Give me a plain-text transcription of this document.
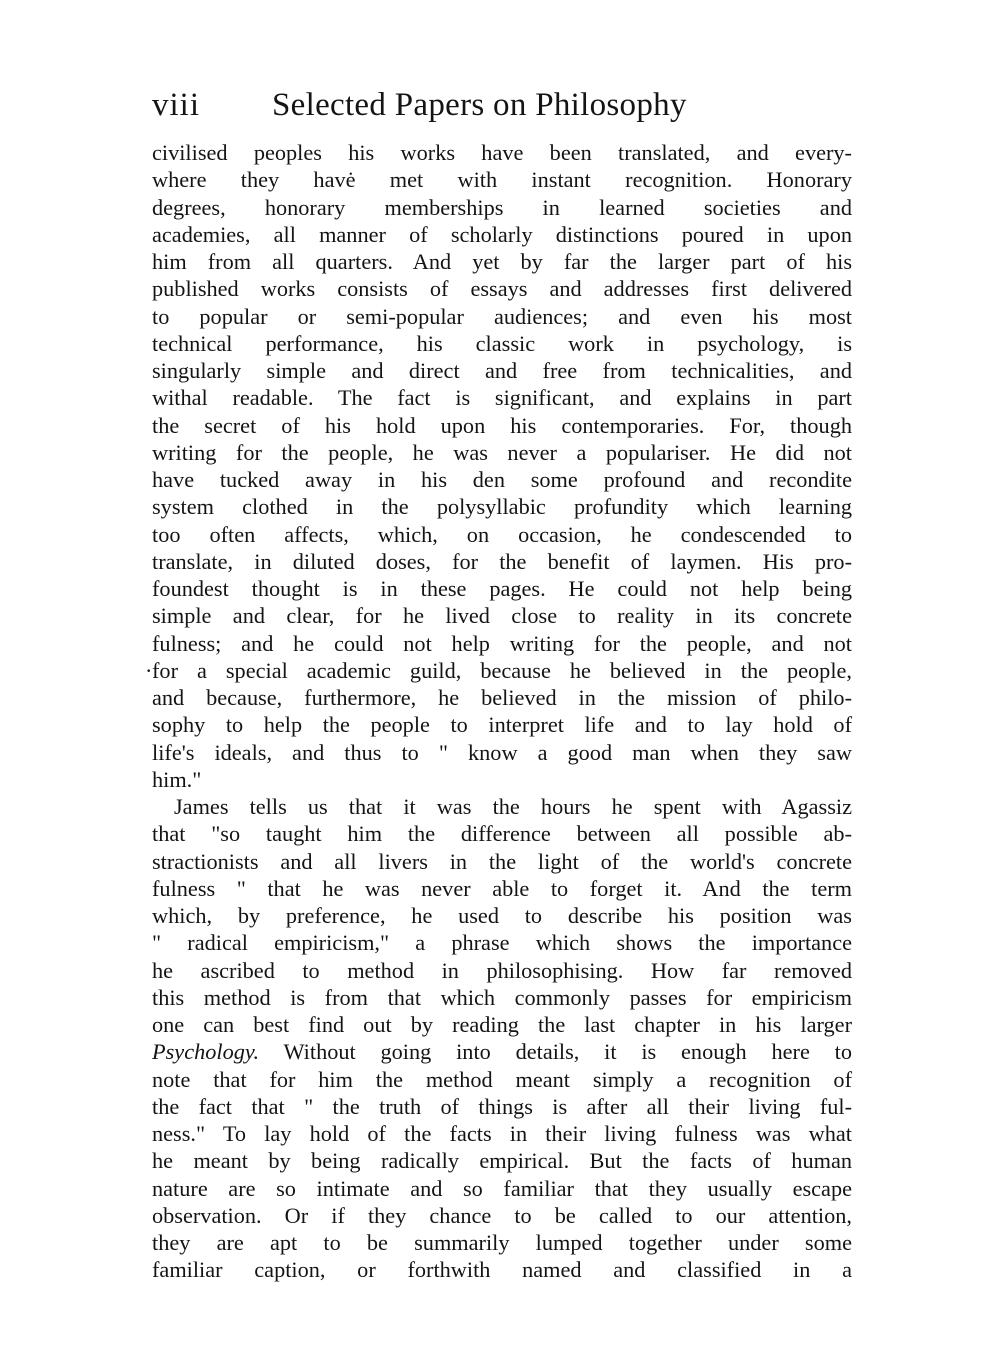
viii Selected Papers on Philosophy
civilised peoples his works have been translated, and every-
where they havė met with instant recognition. Honorary
degrees, honorary memberships in learned societies and
academies, all manner of scholarly distinctions poured in upon
him from all quarters. And yet by far the larger part of his
published works consists of essays and addresses first delivered
to popular or semi-popular audiences; and even his most
technical performance, his classic work in psychology, is
singularly simple and direct and free from technicalities, and
withal readable. The fact is significant, and explains in part
the secret of his hold upon his contemporaries. For, though
writing for the people, he was never a populariser. He did not
have tucked away in his den some profound and recondite
system clothed in the polysyllabic profundity which learning
too often affects, which, on occasion, he condescended to
translate, in diluted doses, for the benefit of laymen. His pro-
foundest thought is in these pages. He could not help being
simple and clear, for he lived close to reality in its concrete
fulness; and he could not help writing for the people, and not
· for a special academic guild, because he believed in the people,
and because, furthermore, he believed in the mission of philo-
sophy to help the people to interpret life and to lay hold of
life's ideals, and thus to " know a good man when they saw
him."
James tells us that it was the hours he spent with Agassiz
that "so taught him the difference between all possible ab-
stractionists and all livers in the light of the world's concrete
fulness " that he was never able to forget it. And the term
which, by preference, he used to describe his position was
" radical empiricism," a phrase which shows the importance
he ascribed to method in philosophising. How far removed
this method is from that which commonly passes for empiricism
one can best find out by reading the last chapter in his larger
Psychology. Without going into details, it is enough here to
note that for him the method meant simply a recognition of
the fact that " the truth of things is after all their living ful-
ness." To lay hold of the facts in their living fulness was what
he meant by being radically empirical. But the facts of human
nature are so intimate and so familiar that they usually escape
observation. Or if they chance to be called to our attention,
they are apt to be summarily lumped together under some
familiar caption, or forthwith named and classified in a
